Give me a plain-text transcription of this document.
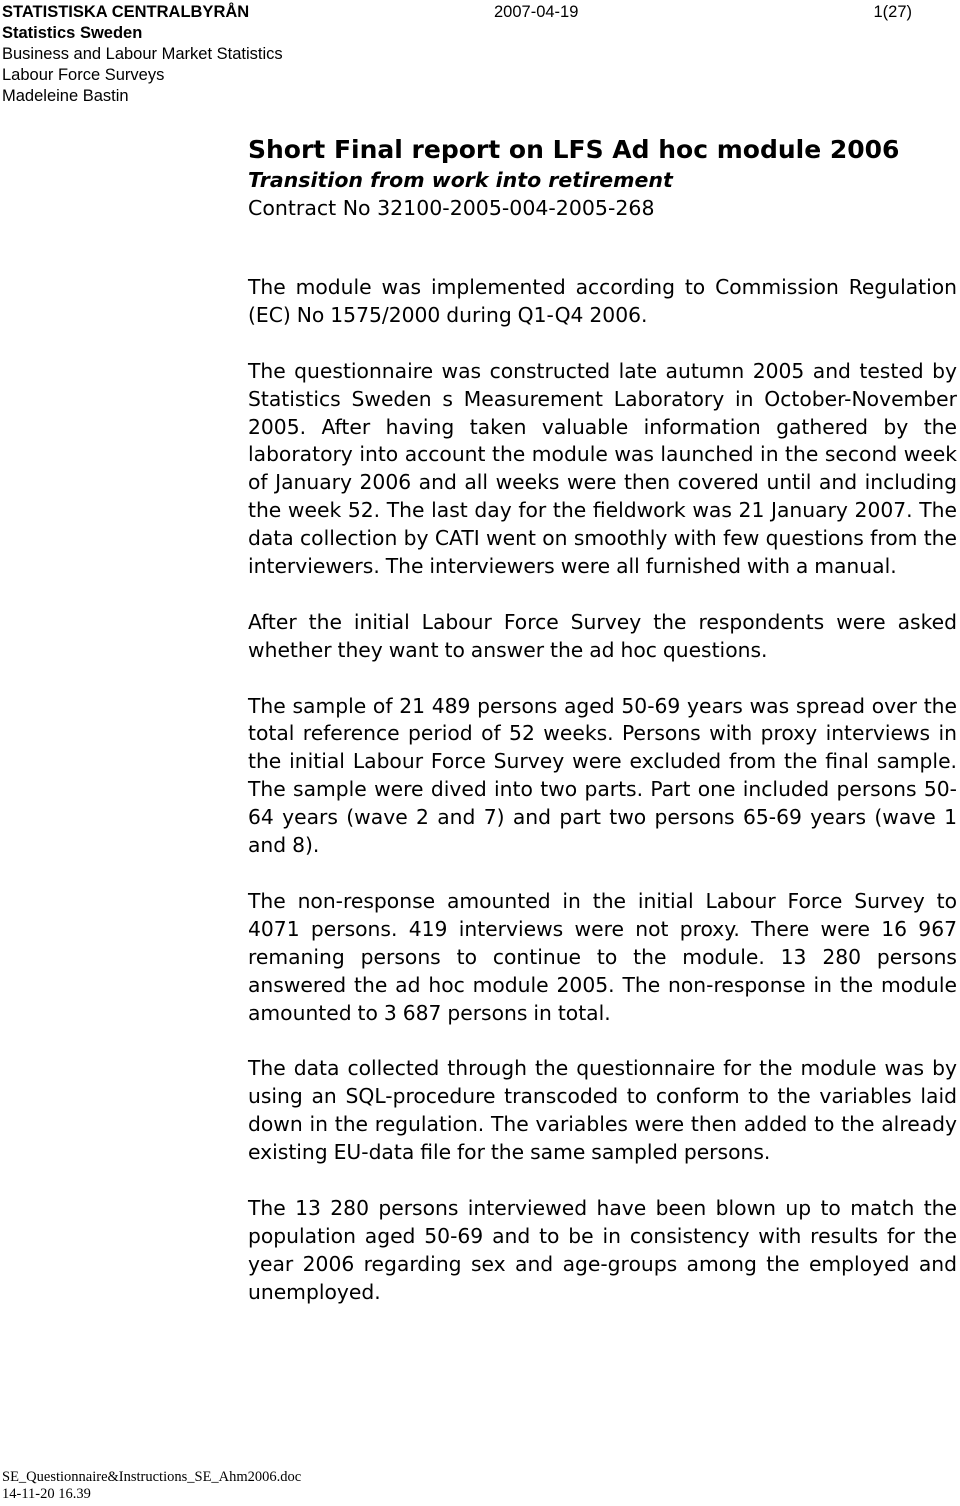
STATISTISKA CENTRALBYRÅN
Statistics Sweden
Business and Labour Market Statistics
Labour Force Surveys
Madeleine Bastin
2007-04-19	1(27)
Short Final report on LFS Ad hoc module 2006
Transition from work into retirement
Contract No 32100-2005-004-2005-268

The module was implemented according to Commission Regulation (EC) No 1575/2000 during Q1-Q4 2006.

The questionnaire was constructed late autumn 2005 and tested by Statistics Sweden s Measurement Laboratory in October-November 2005. After having taken valuable information gathered by the laboratory into account the module was launched in the second week of January 2006 and all weeks were then covered until and including the week 52. The last day for the fieldwork was 21 January 2007. The data collection by CATI went on smoothly with few questions from the interviewers. The interviewers were all furnished with a manual.

After the initial Labour Force Survey the respondents were asked whether they want to answer the ad hoc questions.

The sample of 21 489 persons aged 50-69 years was spread over the total reference period of 52 weeks. Persons with proxy interviews in the initial Labour Force Survey were excluded from the final sample. The sample were dived into two parts. Part one included persons 50-64 years (wave 2 and 7) and part two persons 65-69 years (wave 1 and 8).

The non-response amounted in the initial Labour Force Survey to 4071 persons. 419 interviews were not proxy. There were 16 967 remaning persons to continue to the module. 13 280 persons answered the ad hoc module 2005. The non-response in the module amounted to 3 687 persons in total.

The data collected through the questionnaire for the module was by using an SQL-procedure transcoded to conform to the variables laid down in the regulation. The variables were then added to the already existing EU-data file for the same sampled persons.

The 13 280 persons interviewed have been blown up to match the population aged 50-69 and to be in consistency with results for the year 2006 regarding sex and age-groups among the employed and unemployed.

SE_Questionnaire&Instructions_SE_Ahm2006.doc
14-11-20 16.39
